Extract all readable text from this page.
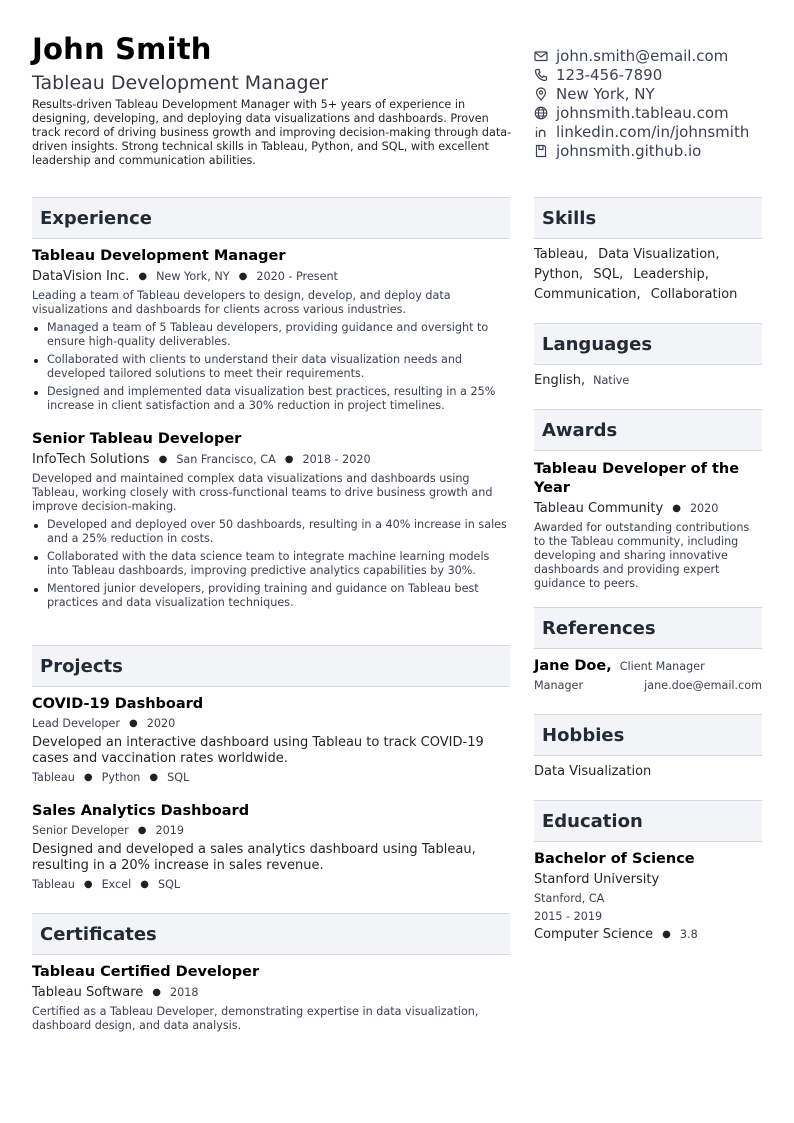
John Smith
Tableau Development Manager
Results-driven Tableau Development Manager with 5+ years of experience in designing, developing, and deploying data visualizations and dashboards. Proven track record of driving business growth and improving decision-making through data-driven insights. Strong technical skills in Tableau, Python, and SQL, with excellent leadership and communication abilities.
john.smith@email.com
123-456-7890
New York, NY
johnsmith.tableau.com
linkedin.com/in/johnsmith
johnsmith.github.io
Experience
Tableau Development Manager
DataVision Inc. ● New York, NY ● 2020 - Present
Leading a team of Tableau developers to design, develop, and deploy data visualizations and dashboards for clients across various industries.
Managed a team of 5 Tableau developers, providing guidance and oversight to ensure high-quality deliverables.
Collaborated with clients to understand their data visualization needs and developed tailored solutions to meet their requirements.
Designed and implemented data visualization best practices, resulting in a 25% increase in client satisfaction and a 30% reduction in project timelines.
Senior Tableau Developer
InfoTech Solutions ● San Francisco, CA ● 2018 - 2020
Developed and maintained complex data visualizations and dashboards using Tableau, working closely with cross-functional teams to drive business growth and improve decision-making.
Developed and deployed over 50 dashboards, resulting in a 40% increase in sales and a 25% reduction in costs.
Collaborated with the data science team to integrate machine learning models into Tableau dashboards, improving predictive analytics capabilities by 30%.
Mentored junior developers, providing training and guidance on Tableau best practices and data visualization techniques.
Projects
COVID-19 Dashboard
Lead Developer ● 2020
Developed an interactive dashboard using Tableau to track COVID-19 cases and vaccination rates worldwide.
Tableau ● Python ● SQL
Sales Analytics Dashboard
Senior Developer ● 2019
Designed and developed a sales analytics dashboard using Tableau, resulting in a 20% increase in sales revenue.
Tableau ● Excel ● SQL
Certificates
Tableau Certified Developer
Tableau Software ● 2018
Certified as a Tableau Developer, demonstrating expertise in data visualization, dashboard design, and data analysis.
Skills
Tableau, Data Visualization, Python, SQL, Leadership, Communication, Collaboration
Languages
English, Native
Awards
Tableau Developer of the Year
Tableau Community ● 2020
Awarded for outstanding contributions to the Tableau community, including developing and sharing innovative dashboards and providing expert guidance to peers.
References
Jane Doe, Client Manager
Manager	jane.doe@email.com
Hobbies
Data Visualization
Education
Bachelor of Science
Stanford University
Stanford, CA
2015 - 2019
Computer Science ● 3.8
